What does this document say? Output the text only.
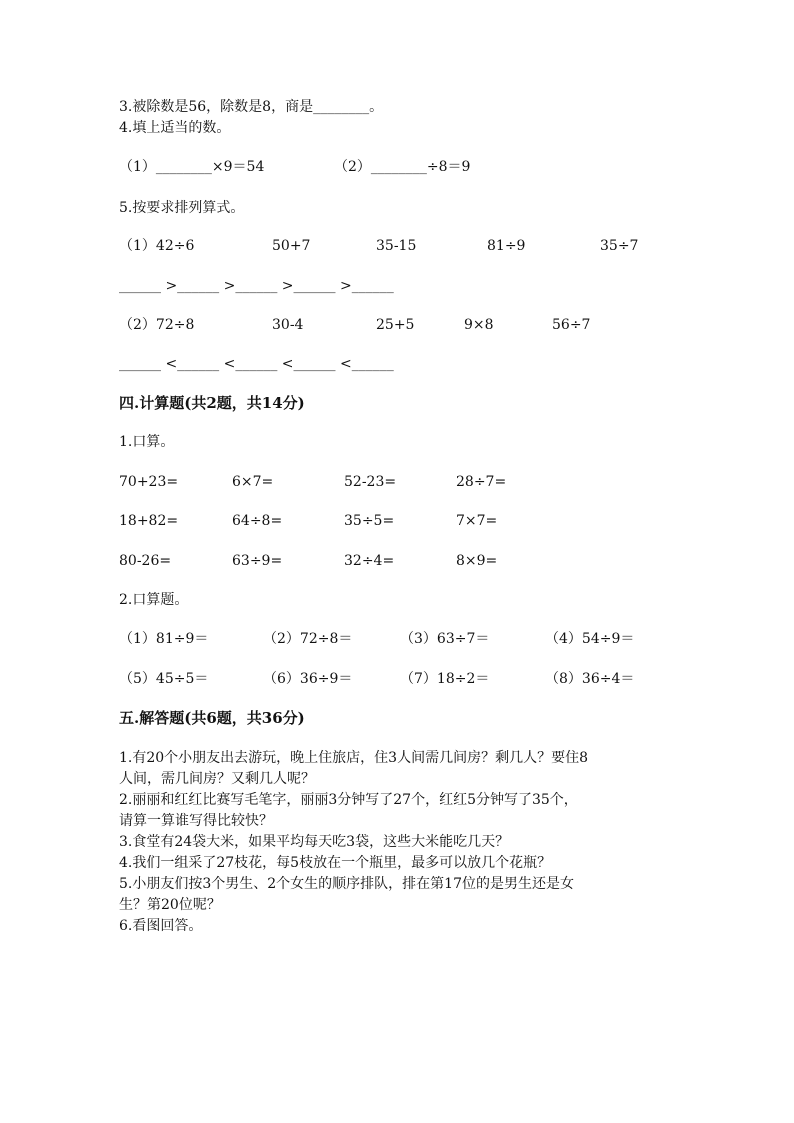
3.被除数是56，除数是8，商是________。
4.填上适当的数。
（1）________×9＝54	（2）________÷8＝9
5.按要求排列算式。
（1）42÷6	50+7	35-15	81÷9	35÷7
______ >______ >______ >______ >______
（2）72÷8	30-4	25+5	9×8	56÷7
______ <______ <______ <______ <______
四.计算题(共2题，共14分)
1.口算。
70+23=	6×7=	52-23=	28÷7=
18+82=	64÷8=	35÷5=	7×7=
80-26=	63÷9=	32÷4=	8×9=
2.口算题。
（1）81÷9＝	（2）72÷8＝	（3）63÷7＝	（4）54÷9＝
（5）45÷5＝	（6）36÷9＝	（7）18÷2＝	（8）36÷4＝
五.解答题(共6题，共36分)
1.有20个小朋友出去游玩，晚上住旅店，住3人间需几间房？剩几人？要住8
人间，需几间房？又剩几人呢？
2.丽丽和红红比赛写毛笔字，丽丽3分钟写了27个，红红5分钟写了35个，
请算一算谁写得比较快？
3.食堂有24袋大米，如果平均每天吃3袋，这些大米能吃几天？
4.我们一组采了27枝花，每5枝放在一个瓶里，最多可以放几个花瓶？
5.小朋友们按3个男生、2个女生的顺序排队，排在第17位的是男生还是女
生？第20位呢？
6.看图回答。
